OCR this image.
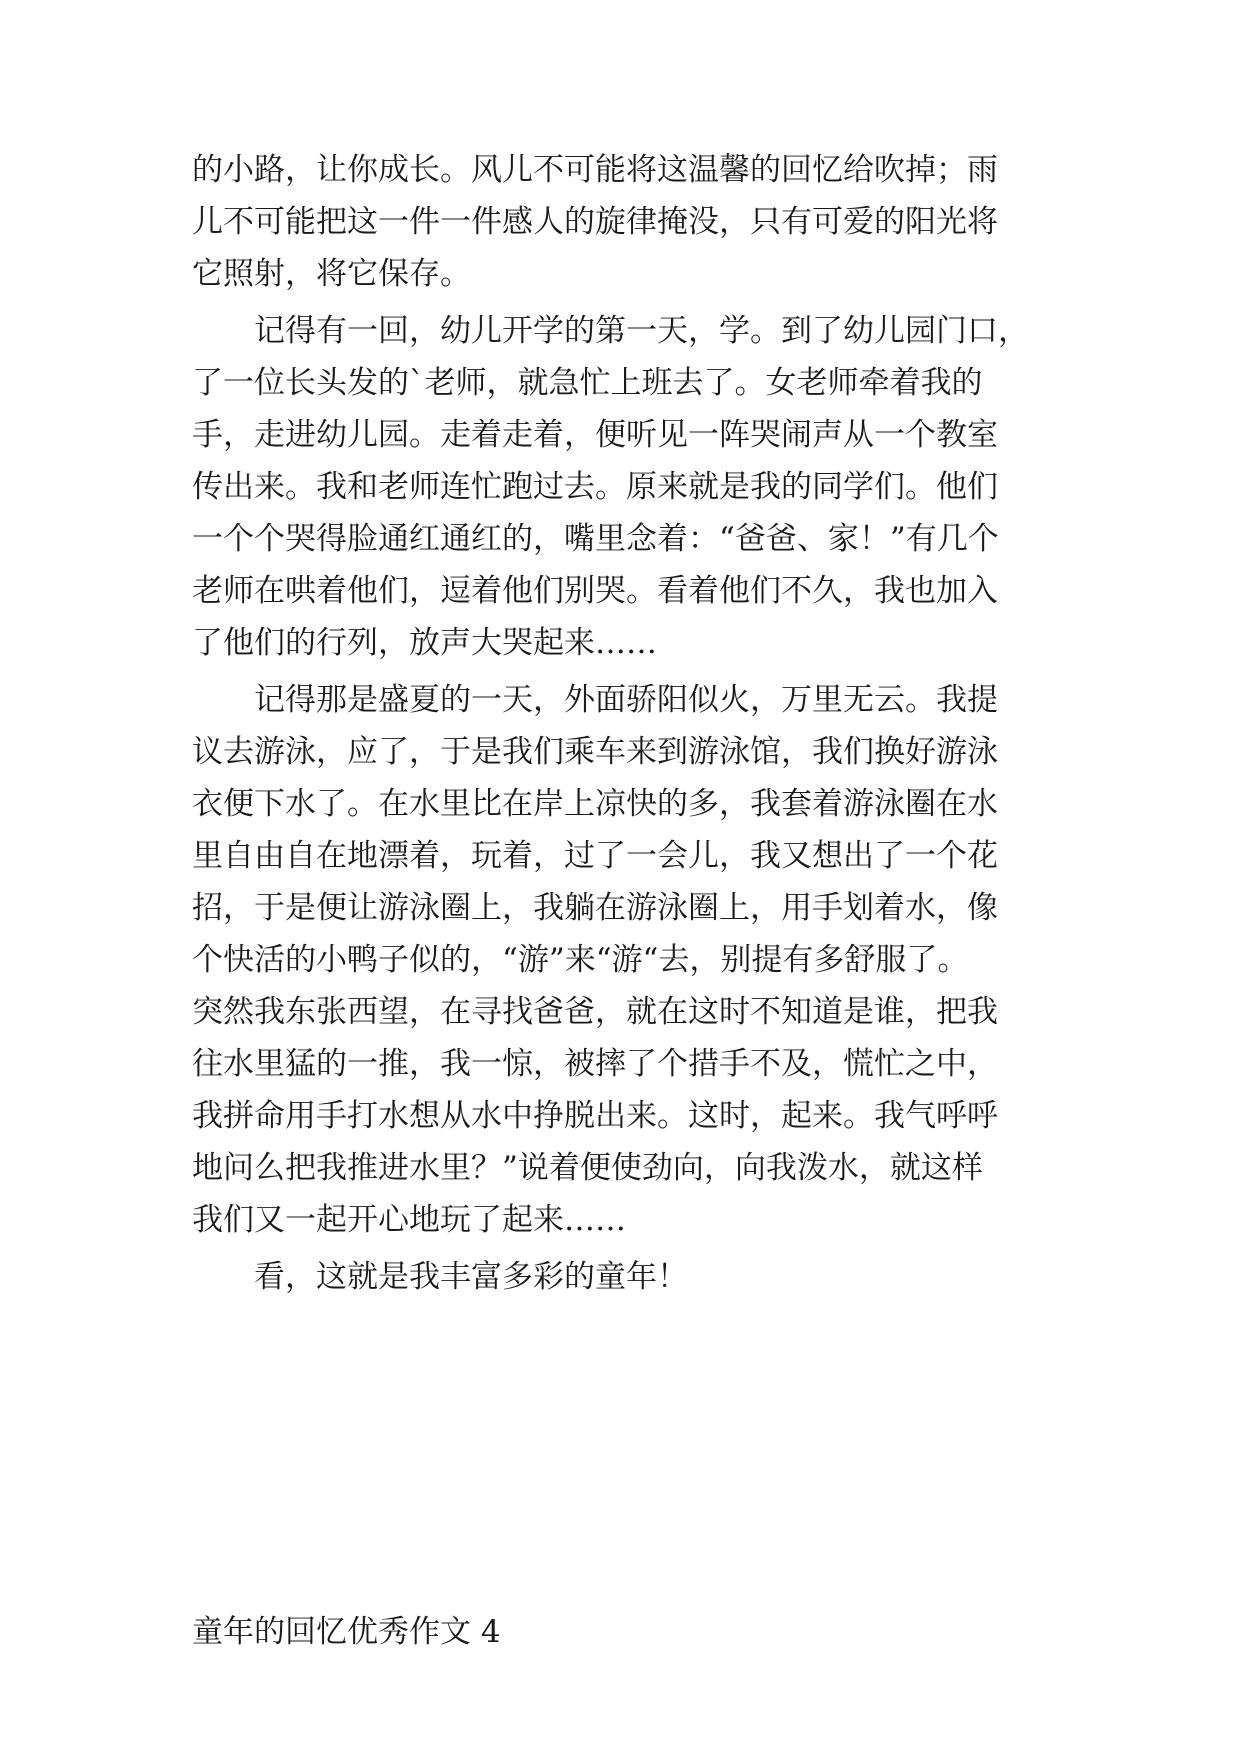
的小路，让你成长。风儿不可能将这温馨的回忆给吹掉；雨
儿不可能把这一件一件感人的旋律掩没，只有可爱的阳光将
它照射，将它保存。
记得有一回，幼儿开学的第一天，学。到了幼儿园门口，
了一位长头发的`老师，就急忙上班去了。女老师牵着我的
手，走进幼儿园。走着走着，便听见一阵哭闹声从一个教室
传出来。我和老师连忙跑过去。原来就是我的同学们。他们
一个个哭得脸通红通红的，嘴里念着：“爸爸、家！”有几个
老师在哄着他们，逗着他们别哭。看着他们不久，我也加入
了他们的行列，放声大哭起来……
记得那是盛夏的一天，外面骄阳似火，万里无云。我提
议去游泳，应了，于是我们乘车来到游泳馆，我们换好游泳
衣便下水了。在水里比在岸上凉快的多，我套着游泳圈在水
里自由自在地漂着，玩着，过了一会儿，我又想出了一个花
招，于是便让游泳圈上，我躺在游泳圈上，用手划着水，像
个快活的小鸭子似的，“游”来“游“去，别提有多舒服了。
突然我东张西望，在寻找爸爸，就在这时不知道是谁，把我
往水里猛的一推，我一惊，被摔了个措手不及，慌忙之中，
我拼命用手打水想从水中挣脱出来。这时，起来。我气呼呼
地问么把我推进水里？”说着便使劲向，向我泼水，就这样
我们又一起开心地玩了起来……
看，这就是我丰富多彩的童年！
童年的回忆优秀作文 4
